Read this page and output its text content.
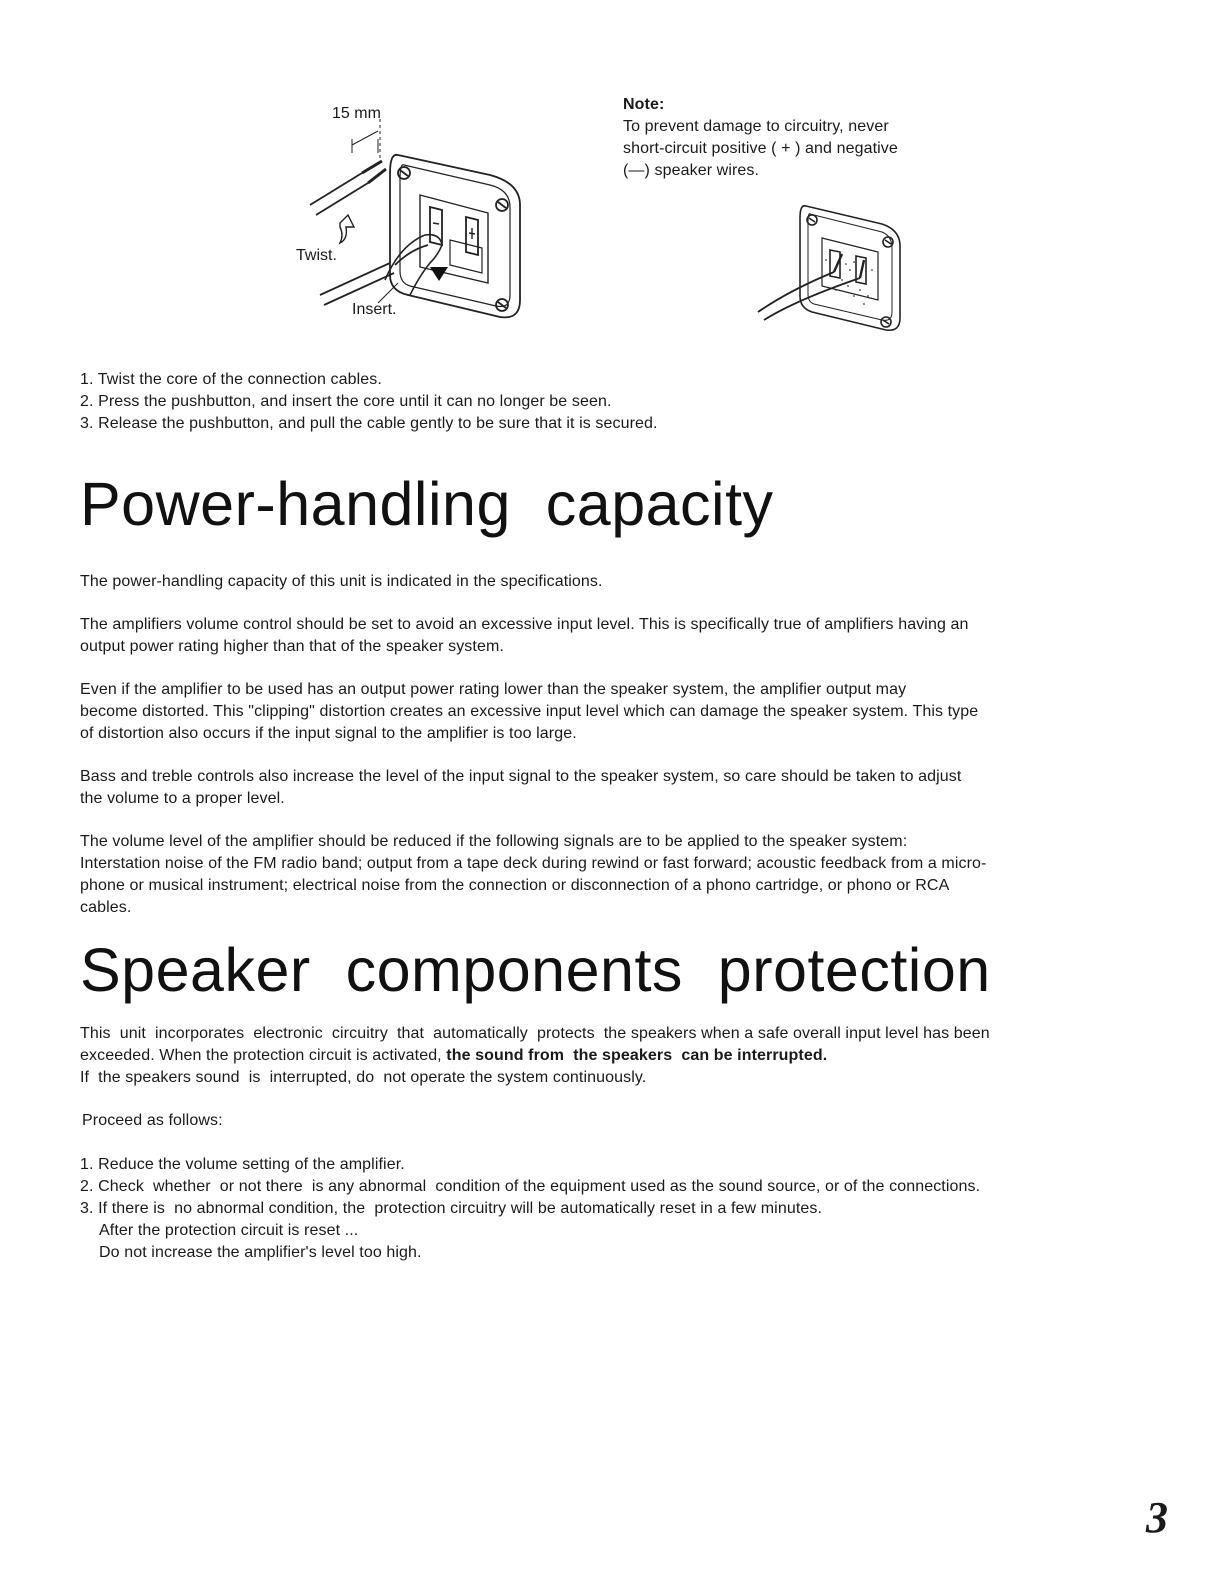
15 mm
Twist.
Insert.
Note:
To prevent damage to circuitry, never
short-circuit positive ( + ) and negative
(—) speaker wires.
1. Twist the core of the connection cables.
2. Press the pushbutton, and insert the core until it can no longer be seen.
3. Release the pushbutton, and pull the cable gently to be sure that it is secured.
Power-handling  capacity

The power-handling capacity of this unit is indicated in the specifications.

The amplifiers volume control should be set to avoid an excessive input level. This is specifically true of amplifiers having an
output power rating higher than that of the speaker system.

Even if the amplifier to be used has an output power rating lower than the speaker system, the amplifier output may
become distorted. This "clipping" distortion creates an excessive input level which can damage the speaker system. This type
of distortion also occurs if the input signal to the amplifier is too large.

Bass and treble controls also increase the level of the input signal to the speaker system, so care should be taken to adjust
the volume to a proper level.

The volume level of the amplifier should be reduced if the following signals are to be applied to the speaker system:
Interstation noise of the FM radio band; output from a tape deck during rewind or fast forward; acoustic feedback from a micro-
phone or musical instrument; electrical noise from the connection or disconnection of a phono cartridge, or phono or RCA
cables.

Speaker  components  protection
This  unit  incorporates  electronic  circuitry  that  automatically  protects  the speakers when a safe overall input level has been
exceeded. When the protection circuit is activated, the sound from  the speakers  can be interrupted.
If  the speakers sound  is  interrupted, do  not operate the system continuously.
Proceed as follows:
1. Reduce the volume setting of the amplifier.
2. Check  whether  or not there  is any abnormal  condition of the equipment used as the sound source, or of the connections.
3. If there is  no abnormal condition, the  protection circuitry will be automatically reset in a few minutes.
After the protection circuit is reset ...
Do not increase the amplifier's level too high.
3
